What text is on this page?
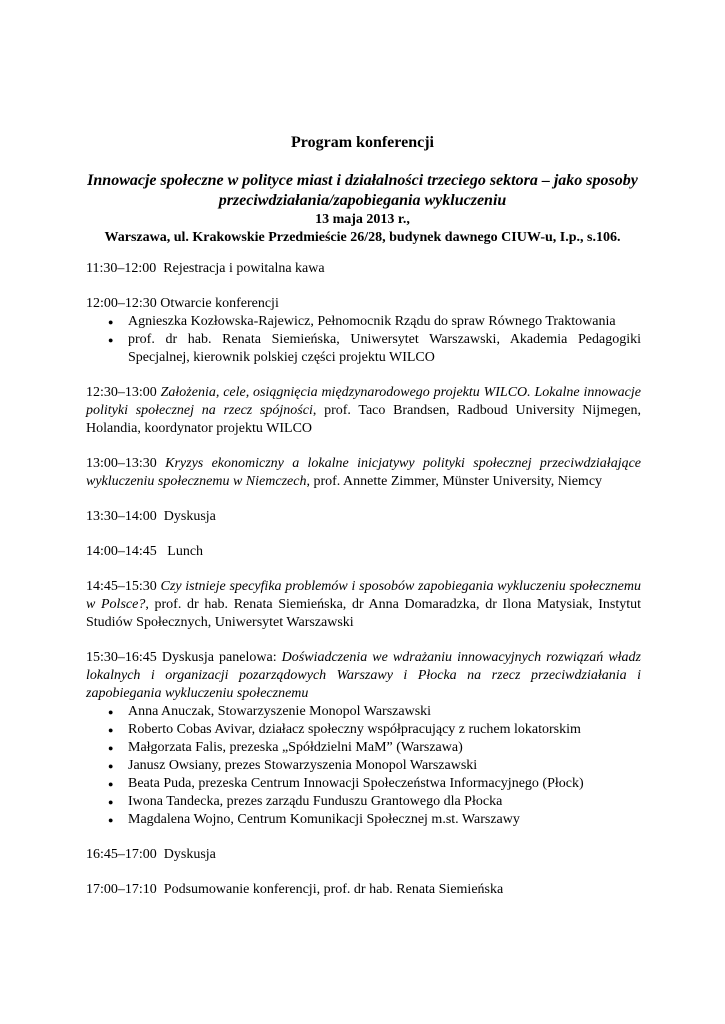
Program konferencji
Innowacje społeczne w polityce miast i działalności trzeciego sektora – jako sposoby przeciwdziałania/zapobiegania wykluczeniu
13 maja 2013 r.,
Warszawa, ul. Krakowskie Przedmieście 26/28, budynek dawnego CIUW-u, I.p., s.106.

11:30–12:00 Rejestracja i powitalna kawa

12:00–12:30 Otwarcie konferencji

● Agnieszka Kozłowska-Rajewicz, Pełnomocnik Rządu do spraw Równego Traktowania
● prof. dr hab. Renata Siemieńska, Uniwersytet Warszawski, Akademia Pedagogiki Specjalnej, kierownik polskiej części projektu WILCO

12:30–13:00 Założenia, cele, osiągnięcia międzynarodowego projektu WILCO. Lokalne innowacje polityki społecznej na rzecz spójności, prof. Taco Brandsen, Radboud University Nijmegen, Holandia, koordynator projektu WILCO

13:00–13:30 Kryzys ekonomiczny a lokalne inicjatywy polityki społecznej przeciwdziałające wykluczeniu społecznemu w Niemczech, prof. Annette Zimmer, Münster University, Niemcy

13:30–14:00 Dyskusja

14:00–14:45 Lunch

14:45–15:30 Czy istnieje specyfika problemów i sposobów zapobiegania wykluczeniu społecznemu w Polsce?, prof. dr hab. Renata Siemieńska, dr Anna Domaradzka, dr Ilona Matysiak, Instytut Studiów Społecznych, Uniwersytet Warszawski

15:30–16:45 Dyskusja panelowa: Doświadczenia we wdrażaniu innowacyjnych rozwiązań władz lokalnych i organizacji pozarządowych Warszawy i Płocka na rzecz przeciwdziałania i zapobiegania wykluczeniu społecznemu

● Anna Anuczak, Stowarzyszenie Monopol Warszawski
● Roberto Cobas Avivar, działacz społeczny współpracujący z ruchem lokatorskim
● Małgorzata Falis, prezeska „Spółdzielni MaM” (Warszawa)
● Janusz Owsiany, prezes Stowarzyszenia Monopol Warszawski
● Beata Puda, prezeska Centrum Innowacji Społeczeństwa Informacyjnego (Płock)
● Iwona Tandecka, prezes zarządu Funduszu Grantowego dla Płocka
● Magdalena Wojno, Centrum Komunikacji Społecznej m.st. Warszawy

16:45–17:00 Dyskusja

17:00–17:10 Podsumowanie konferencji, prof. dr hab. Renata Siemieńska
